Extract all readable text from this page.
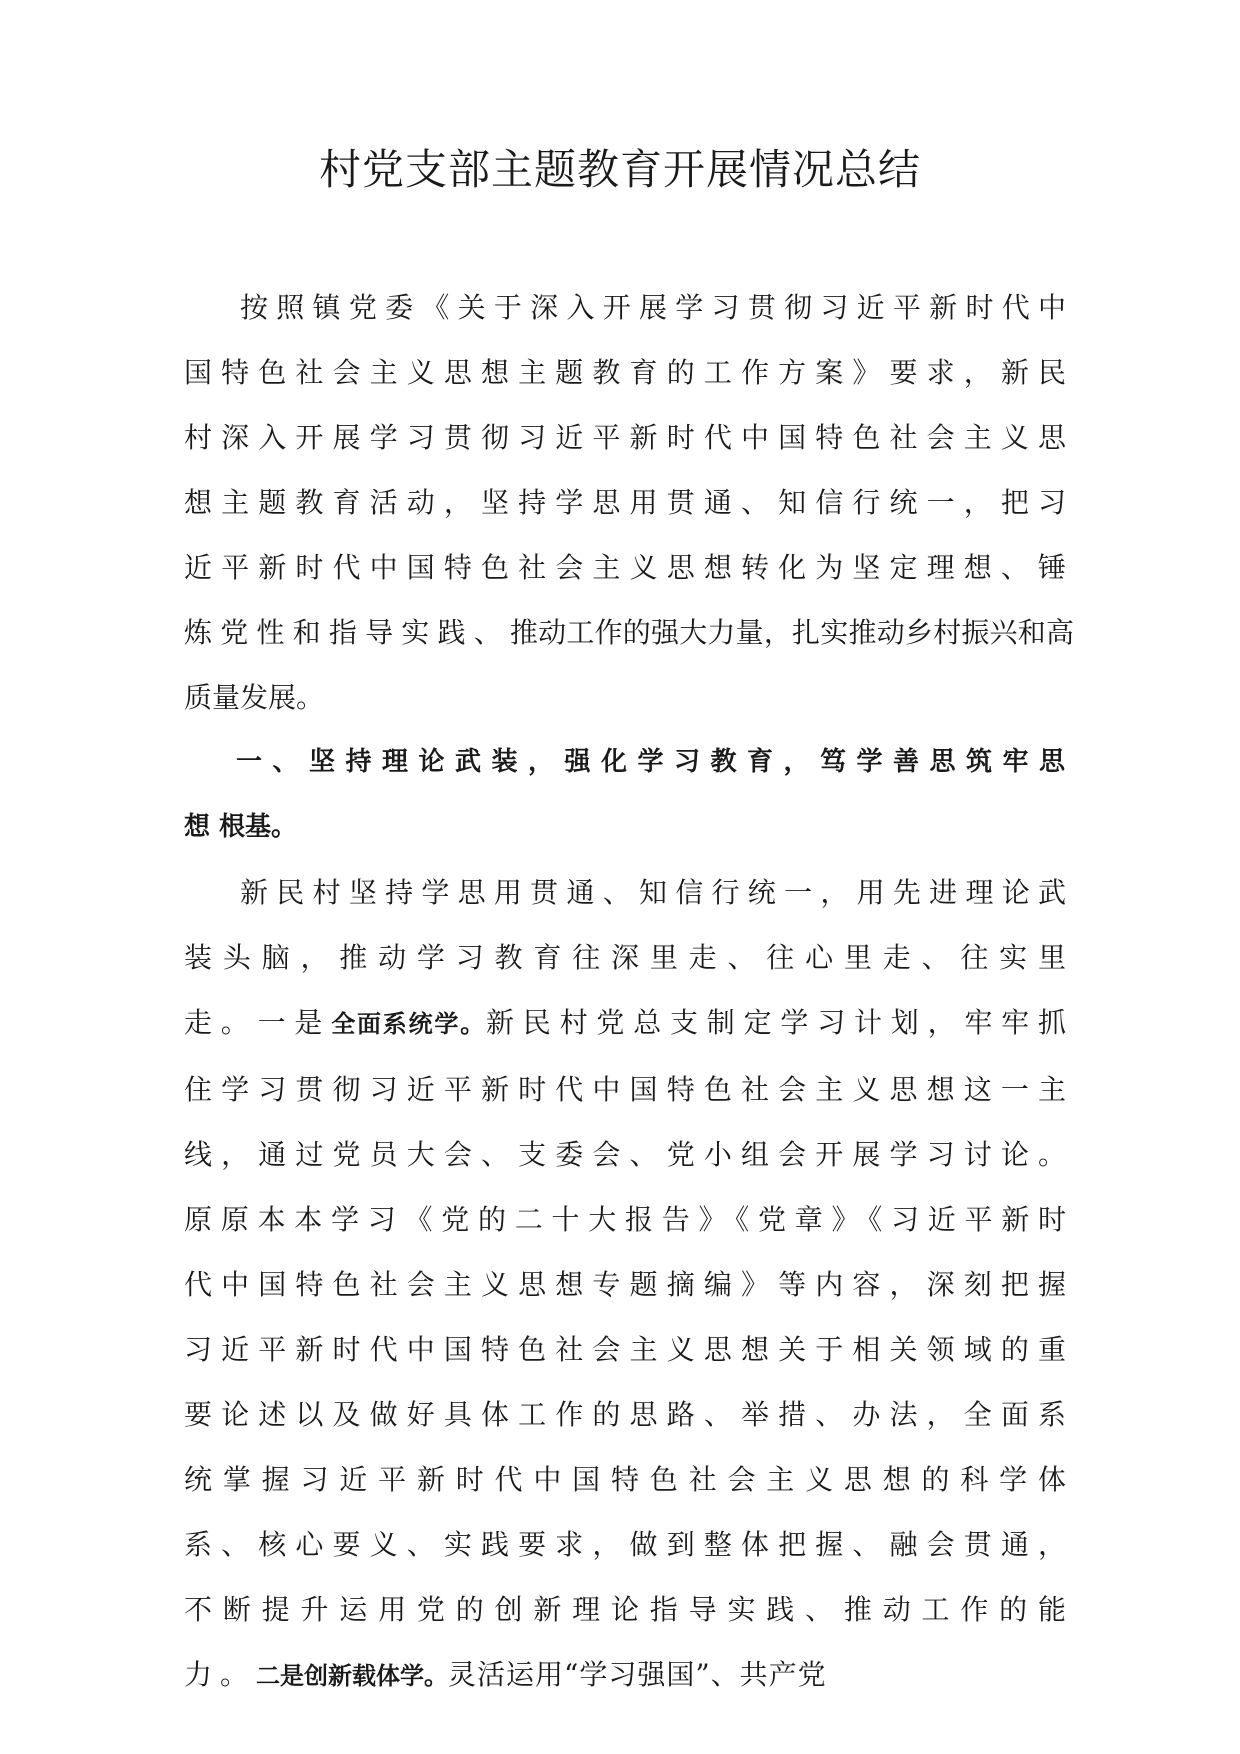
村党支部主题教育开展情况总结

按照镇党委《关于深入开展学习贯彻习近平新时代中国特色社会主义思想主题教育的工作方案》要求，新民村深入开展学习贯彻习近平新时代中国特色社会主义思想主题教育活动，坚持学思用贯通、知信行统一，把习近平新时代中国特色社会主义思想转化为坚定理想、锤炼党性和指导实践、推动工作的强大力量，扎实推动乡村振兴和高质量发展。

一、坚持理论武装，强化学习教育，笃学善思筑牢思想根基。

新民村坚持学思用贯通、知信行统一，用先进理论武装头脑，推动学习教育往深里走、往心里走、往实里走。一是全面系统学。新民村党总支制定学习计划，牢牢抓住学习贯彻习近平新时代中国特色社会主义思想这一主线，通过党员大会、支委会、党小组会开展学习讨论。原原本本学习《党的二十大报告》《党章》《习近平新时代中国特色社会主义思想专题摘编》等内容，深刻把握习近平新时代中国特色社会主义思想关于相关领域的重要论述以及做好具体工作的思路、举措、办法，全面系统掌握习近平新时代中国特色社会主义思想的科学体系、核心要义、实践要求，做到整体把握、融会贯通，不断提升运用党的创新理论指导实践、推动工作的能力。二是创新载体学。灵活运用“学习强国”、共产党
